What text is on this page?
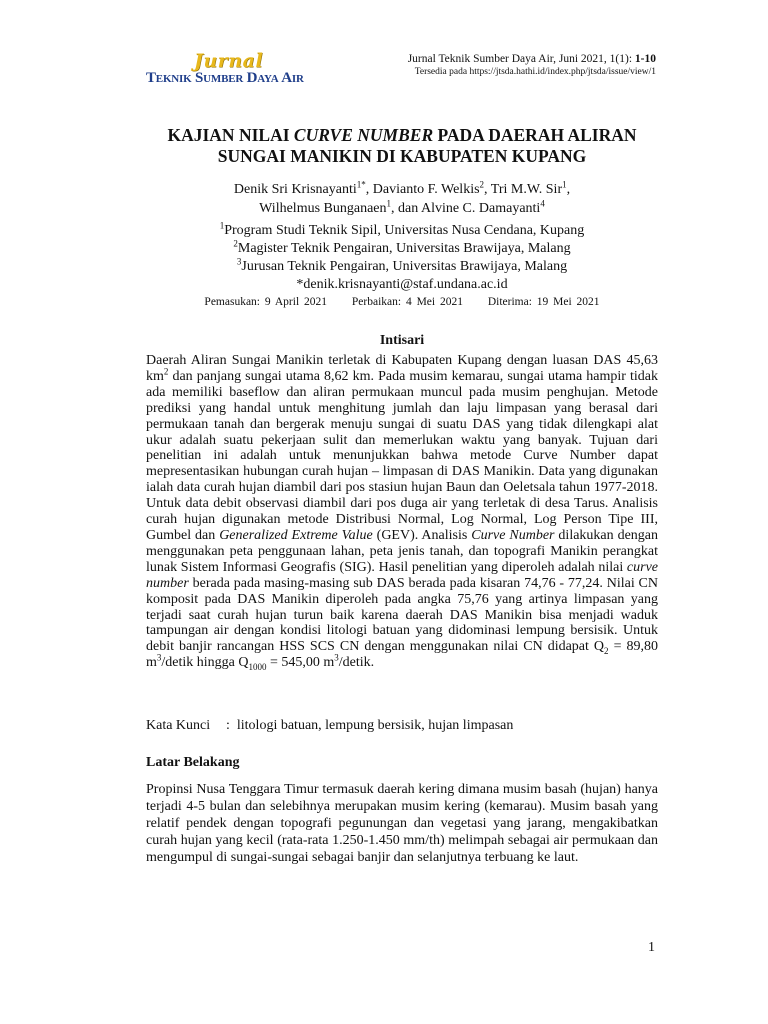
Jurnal
Teknik Sumber Daya Air
Jurnal Teknik Sumber Daya Air, Juni 2021, 1(1): 1-10
Tersedia pada https://jtsda.hathi.id/index.php/jtsda/issue/view/1
KAJIAN NILAI CURVE NUMBER PADA DAERAH ALIRAN
SUNGAI MANIKIN DI KABUPATEN KUPANG
Denik Sri Krisnayanti$^{1*}$, Davianto F. Welkis$^2$, Tri M.W. Sir$^1$,
Wilhelmus Bunganaen$^1$, dan Alvine C. Damayanti$^4$
$^1$Program Studi Teknik Sipil, Universitas Nusa Cendana, Kupang
$^2$Magister Teknik Pengairan, Universitas Brawijaya, Malang
$^3$Jurusan Teknik Pengairan, Universitas Brawijaya, Malang
*denik.krisnayanti@staf.undana.ac.id
Pemasukan: 9 April 2021 Perbaikan: 4 Mei 2021 Diterima: 19 Mei 2021
Intisari
Daerah Aliran Sungai Manikin terletak di Kabupaten Kupang dengan luasan DAS 45,63 $km^2$ dan panjang sungai utama 8,62 km. Pada musim kemarau, sungai utama hampir tidak ada memiliki baseflow dan aliran permukaan muncul pada musim penghujan. Metode prediksi yang handal untuk menghitung jumlah dan laju limpasan yang berasal dari permukaan tanah dan bergerak menuju sungai di suatu DAS yang tidak dilengkapi alat ukur adalah suatu pekerjaan sulit dan memerlukan waktu yang banyak. Tujuan dari penelitian ini adalah untuk menunjukkan bahwa metode Curve Number dapat mepresentasikan hubungan curah hujan – limpasan di DAS Manikin. Data yang digunakan ialah data curah hujan diambil dari pos stasiun hujan Baun dan Oeletsala tahun 1977-2018. Untuk data debit observasi diambil dari pos duga air yang terletak di desa Tarus. Analisis curah hujan digunakan metode Distribusi Normal, Log Normal, Log Person Tipe III, Gumbel dan Generalized Extreme Value (GEV). Analisis Curve Number dilakukan dengan menggunakan peta penggunaan lahan, peta jenis tanah, dan topografi Manikin perangkat lunak Sistem Informasi Geografis (SIG). Hasil penelitian yang diperoleh adalah nilai curve number berada pada masing-masing sub DAS berada pada kisaran 74,76 - 77,24. Nilai CN komposit pada DAS Manikin diperoleh pada angka 75,76 yang artinya limpasan yang terjadi saat curah hujan turun baik karena daerah DAS Manikin bisa menjadi waduk tampungan air dengan kondisi litologi batuan yang didominasi lempung bersisik. Untuk debit banjir rancangan HSS SCS CN dengan menggunakan nilai CN didapat $Q_2 = 89,80$ $m^3$/detik hingga $Q_{1000} = 545,00$ $m^3$/detik.
Kata Kunci : litologi batuan, lempung bersisik, hujan limpasan
Latar Belakang
Propinsi Nusa Tenggara Timur termasuk daerah kering dimana musim basah (hujan) hanya terjadi 4-5 bulan dan selebihnya merupakan musim kering (kemarau). Musim basah yang relatif pendek dengan topografi pegunungan dan vegetasi yang jarang, mengakibatkan curah hujan yang kecil (rata-rata 1.250-1.450 mm/th) melimpah sebagai air permukaan dan mengumpul di sungai-sungai sebagai banjir dan selanjutnya terbuang ke laut.
1
